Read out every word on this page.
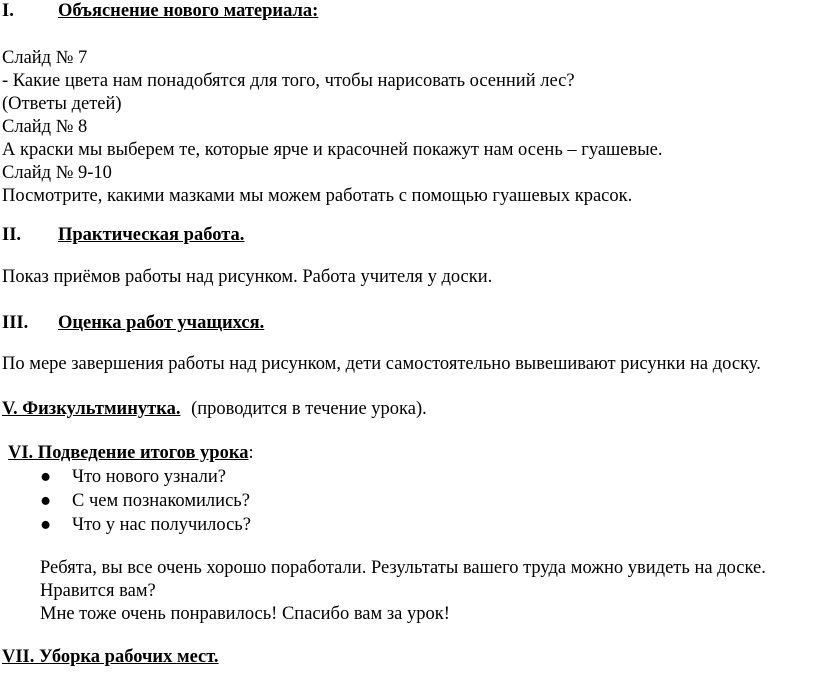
I. Объяснение нового материала:
Слайд № 7
- Какие цвета нам понадобятся для того, чтобы нарисовать осенний лес?
(Ответы детей)
Слайд № 8
А краски мы выберем те, которые ярче и красочней покажут нам осень – гуашевые.
Слайд № 9-10
Посмотрите, какими мазками мы можем работать с помощью гуашевых красок.
II. Практическая работа.
Показ приёмов работы над рисунком. Работа учителя у доски.
III. Оценка работ учащихся.
По мере завершения работы над рисунком, дети самостоятельно вывешивают рисунки на доску.
V. Физкультминутка. (проводится в течение урока).
VI. Подведение итогов урока:
● Что нового узнали?
● С чем познакомились?
● Что у нас получилось?
Ребята, вы все очень хорошо поработали. Результаты вашего труда можно увидеть на доске.
Нравится вам?
Мне тоже очень понравилось! Спасибо вам за урок!
VII. Уборка рабочих мест.
